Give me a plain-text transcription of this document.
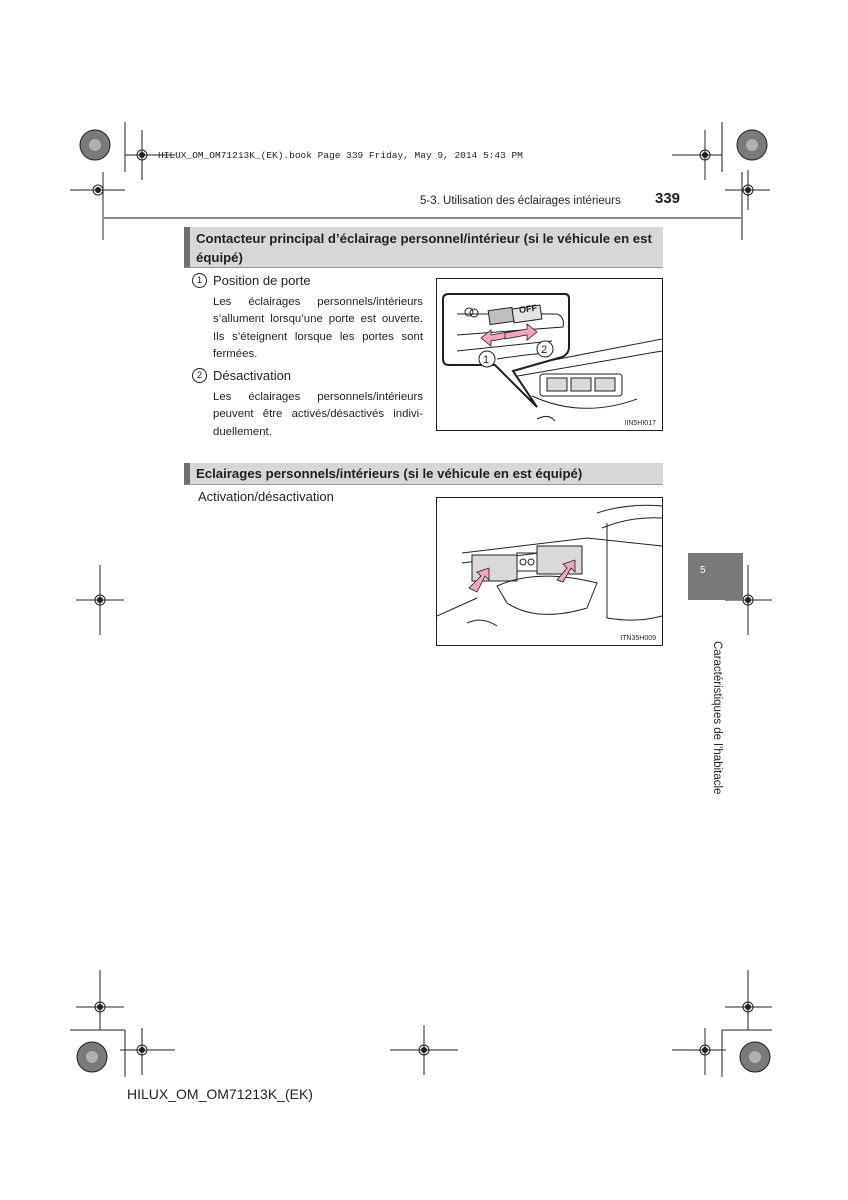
HILUX_OM_OM71213K_(EK).book Page 339 Friday, May 9, 2014 5:43 PM
5-3. Utilisation des éclairages intérieurs 339
Contacteur principal d’éclairage personnel/intérieur (si le véhicule en est équipé)
1 Position de porte
Les éclairages personnels/intérieurs s’allument lorsqu’une porte est ouverte. Ils s’éteignent lorsque les portes sont fermées.
2 Désactivation
Les éclairages personnels/intérieurs peuvent être activés/désactivés indivi-duellement.
OFF
1
2
IIN5HI017
Eclairages personnels/intérieurs (si le véhicule en est équipé)
Activation/désactivation
ITN35H009
5
Caractéristiques de l’habitacle
HILUX_OM_OM71213K_(EK)
